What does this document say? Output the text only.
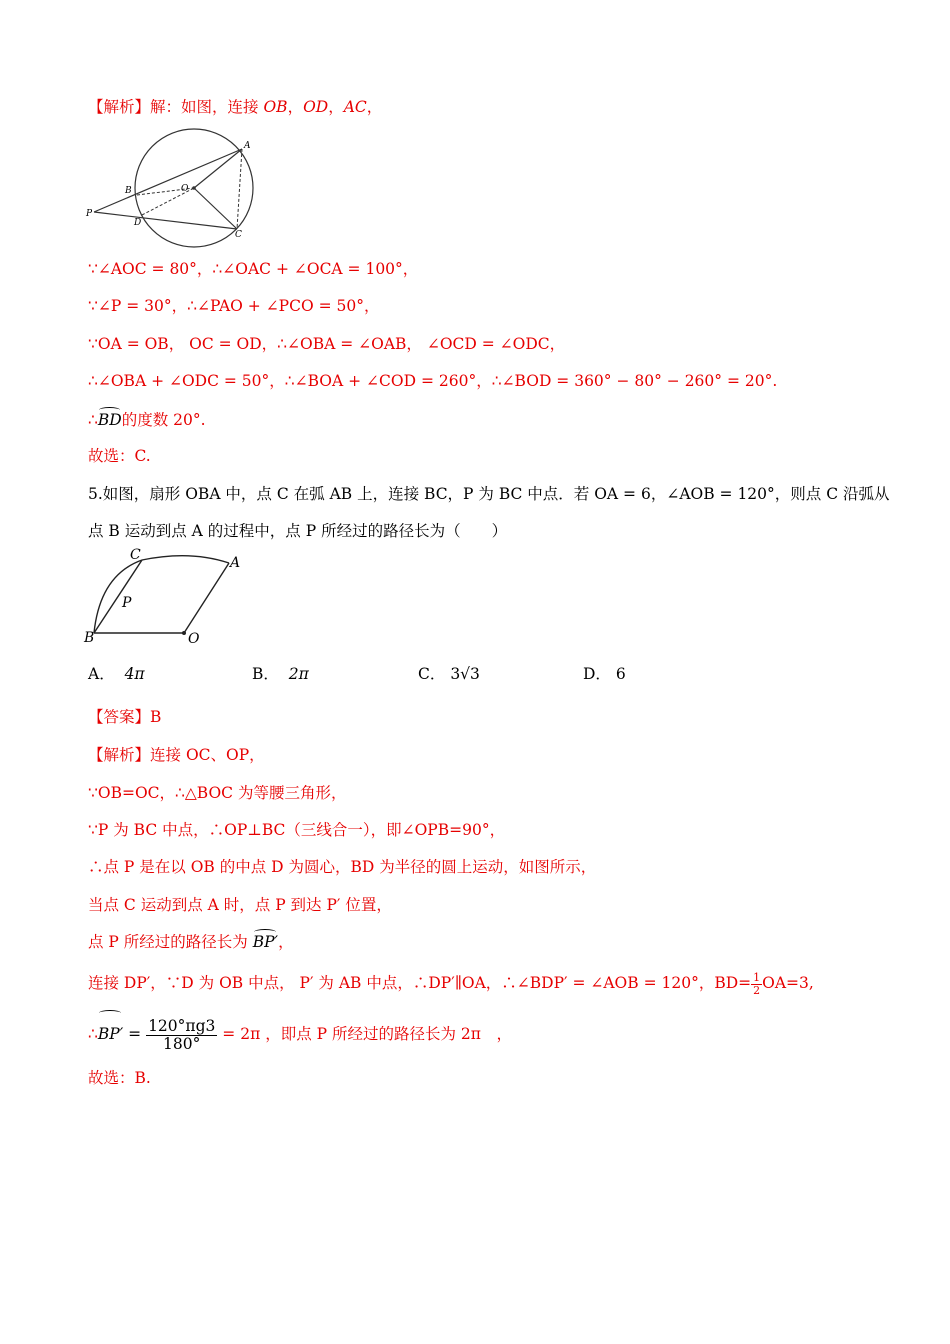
【解析】解：如图，连接 OB，OD，AC，
A
B	O
D
C
P
∵∠AOC = 80°，∴∠OAC + ∠OCA = 100°，
∵∠P = 30°，∴∠PAO + ∠PCO = 50°，
∵OA = OB， OC = OD，∴∠OBA = ∠OAB， ∠OCD = ∠ODC，
∴∠OBA + ∠ODC = 50°，∴∠BOA + ∠COD = 260°，∴∠BOD = 360° − 80° − 260° = 20°.
∴BD的度数 20°.
故选：C.
5.如图，扇形 OBA 中，点 C 在弧 AB 上，连接 BC，P 为 BC 中点．若 OA = 6，∠AOB = 120°，则点 C 沿弧从
点 B 运动到点 A 的过程中，点 P 所经过的路径长为（　　）
C	A
P
B	O
A． 4π	B． 2π	C． 3√3	D． 6
【答案】B
【解析】连接 OC、OP，
∵OB=OC，∴△BOC 为等腰三角形，
∵P 为 BC 中点，∴OP⊥BC（三线合一），即∠OPB=90°，
∴点 P 是在以 OB 的中点 D 为圆心，BD 为半径的圆上运动，如图所示，
当点 C 运动到点 A 时，点 P 到达 P′ 位置，
点 P 所经过的路径长为 BP′，
连接 DP′，∵D 为 OB 中点， P′ 为 AB 中点，∴DP′∥OA，∴∠BDP′ = ∠AOB = 120°，$BD= \frac{1}{2} OA=3$,
∴BP′ = $\frac{120^\circ\pi g3}{180^\circ} = 2\pi$ ，即点 P 所经过的路径长为 2π　，
故选：B.
